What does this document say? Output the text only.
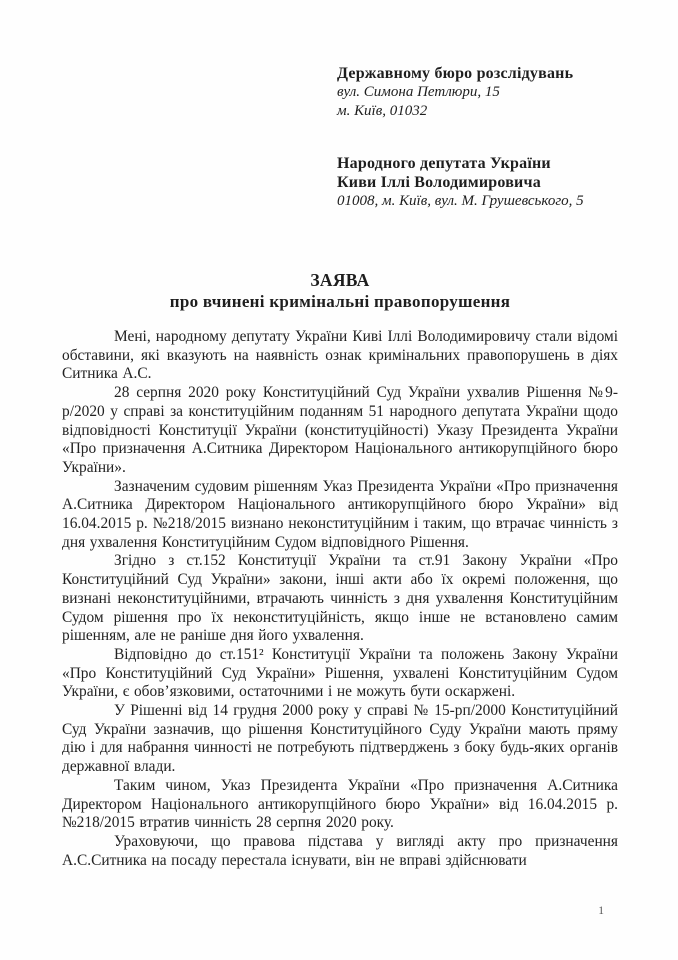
Державному бюро розслідувань
вул. Симона Петлюри, 15
м. Київ, 01032
Народного депутата України
Киви Іллі Володимировича
01008, м. Київ, вул. М. Грушевського, 5
ЗАЯВА
про вчинені кримінальні правопорушення

Мені, народному депутату України Киві Іллі Володимировичу стали відомі обставини, які вказують на наявність ознак кримінальних правопорушень в діях Ситника А.С.

28 серпня 2020 року Конституційний Суд України ухвалив Рішення №9-р/2020 у справі за конституційним поданням 51 народного депутата України щодо відповідності Конституції України (конституційності) Указу Президента України «Про призначення А.Ситника Директором Національного антикорупційного бюро України».

Зазначеним судовим рішенням Указ Президента України «Про призначення А.Ситника Директором Національного антикорупційного бюро України» від 16.04.2015 р. №218/2015 визнано неконституційним і таким, що втрачає чинність з дня ухвалення Конституційним Судом відповідного Рішення.

Згідно з ст.152 Конституції України та ст.91 Закону України «Про Конституційний Суд України» закони, інші акти або їх окремі положення, що визнані неконституційними, втрачають чинність з дня ухвалення Конституційним Судом рішення про їх неконституційність, якщо інше не встановлено самим рішенням, але не раніше дня його ухвалення.

Відповідно до ст.151² Конституції України та положень Закону України «Про Конституційний Суд України» Рішення, ухвалені Конституційним Судом України, є обов’язковими, остаточними і не можуть бути оскаржені.

У Рішенні від 14 грудня 2000 року у справі № 15-рп/2000 Конституційний Суд України зазначив, що рішення Конституційного Суду України мають пряму дію і для набрання чинності не потребують підтверджень з боку будь-яких органів державної влади.

Таким чином, Указ Президента України «Про призначення А.Ситника Директором Національного антикорупційного бюро України» від 16.04.2015 р. №218/2015 втратив чинність 28 серпня 2020 року.

Ураховуючи, що правова підстава у вигляді акту про призначення А.С.Ситника на посаду перестала існувати, він не вправі здійснювати

1
